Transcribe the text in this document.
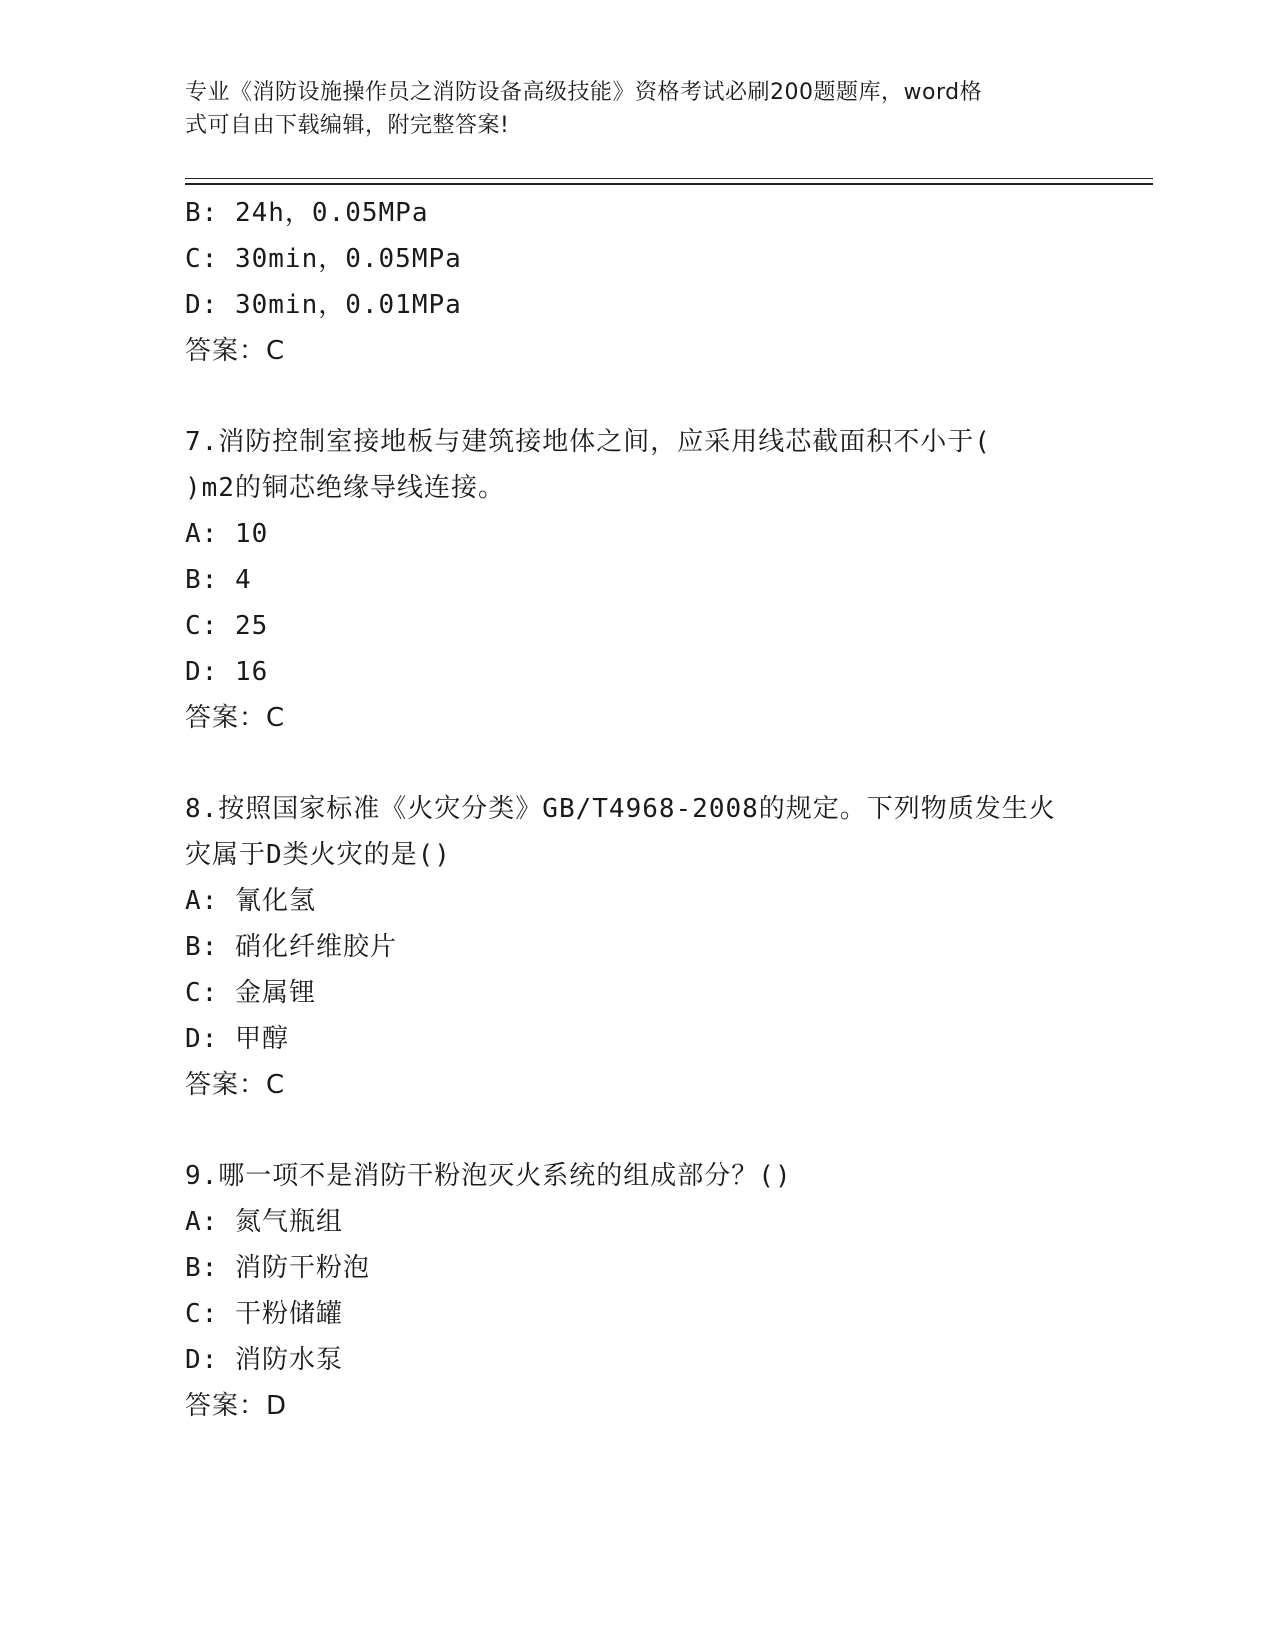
专业《消防设施操作员之消防设备高级技能》资格考试必刷200题题库，word格
式可自由下载编辑，附完整答案!
B: 24h，0.05MPa
C: 30min，0.05MPa
D: 30min，0.01MPa
答案：C
7.消防控制室接地板与建筑接地体之间，应采用线芯截面积不小于(
)m2的铜芯绝缘导线连接。
A: 10
B: 4
C: 25
D: 16
答案：C
8.按照国家标准《火灾分类》GB/T4968-2008的规定。下列物质发生火
灾属于D类火灾的是()
A: 氰化氢
B: 硝化纤维胶片
C: 金属锂
D: 甲醇
答案：C
9.哪一项不是消防干粉泡灭火系统的组成部分？()
A: 氮气瓶组
B: 消防干粉泡
C: 干粉储罐
D: 消防水泵
答案：D
